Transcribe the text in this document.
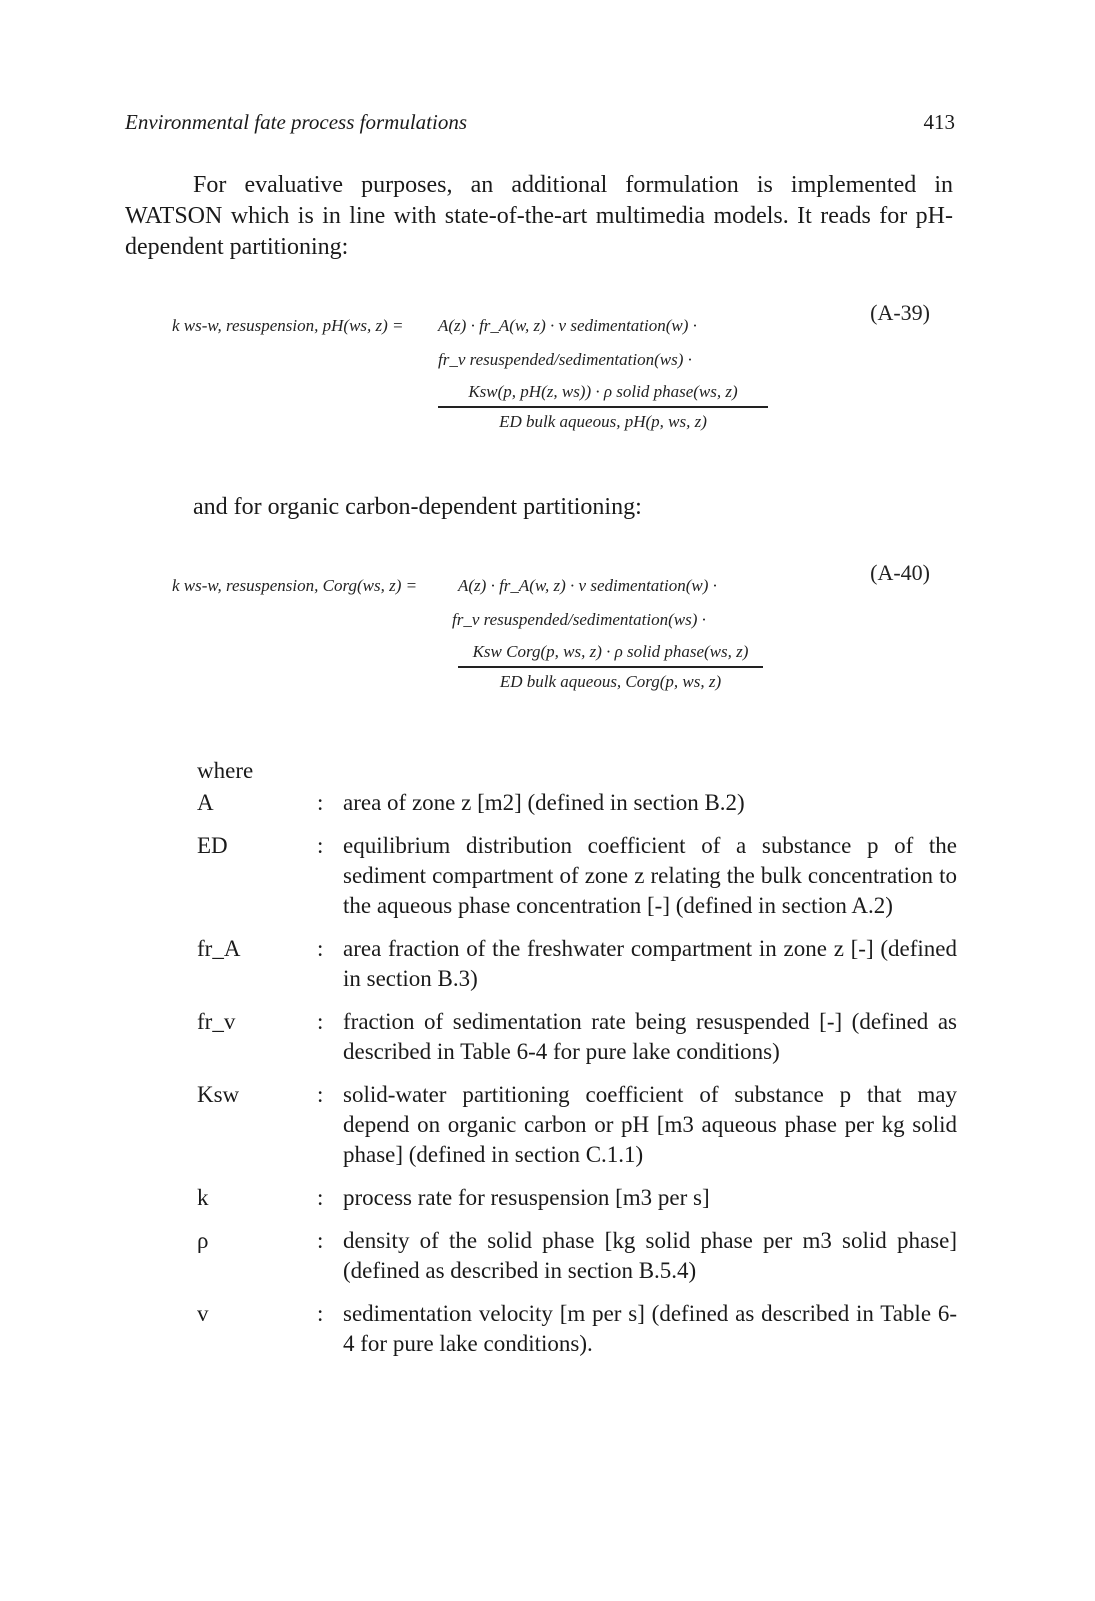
Environmental fate process formulations	413

For evaluative purposes, an additional formulation is implemented in WATSON which is in line with state-of-the-art multimedia models. It reads for pH-dependent partitioning:

k ws-w, resuspension, pH(ws, z) = A(z) · fr_A(w, z) · v sedimentation(w) ·
fr_v resuspended/sedimentation(ws) ·
Ksw(p, pH(z, ws)) · ρ solid phase(ws, z)
ED bulk aqueous, pH(p, ws, z)
(A-39)
and for organic carbon-dependent partitioning:
k ws-w, resuspension, Corg(ws, z) = A(z) · fr_A(w, z) · v sedimentation(w) ·
fr_v resuspended/sedimentation(ws) ·
Ksw Corg(p, ws, z) · ρ solid phase(ws, z)
ED bulk aqueous, Corg(p, ws, z)
(A-40)
where
A	: area of zone z [m2] (defined in section B.2)
ED	: equilibrium distribution coefficient of a substance p of the sediment compartment of zone z relating the bulk concentration to the aqueous phase concentration [-] (defined in section A.2)
fr_A	: area fraction of the freshwater compartment in zone z [-] (defined in section B.3)
fr_v	: fraction of sedimentation rate being resuspended [-] (defined as described in Table 6-4 for pure lake conditions)
Ksw	: solid-water partitioning coefficient of substance p that may depend on organic carbon or pH [m3 aqueous phase per kg solid phase] (defined in section C.1.1)
k	: process rate for resuspension [m3 per s]
ρ	: density of the solid phase [kg solid phase per m3 solid phase] (defined as described in section B.5.4)
v	: sedimentation velocity [m per s] (defined as described in Table 6-4 for pure lake conditions).
